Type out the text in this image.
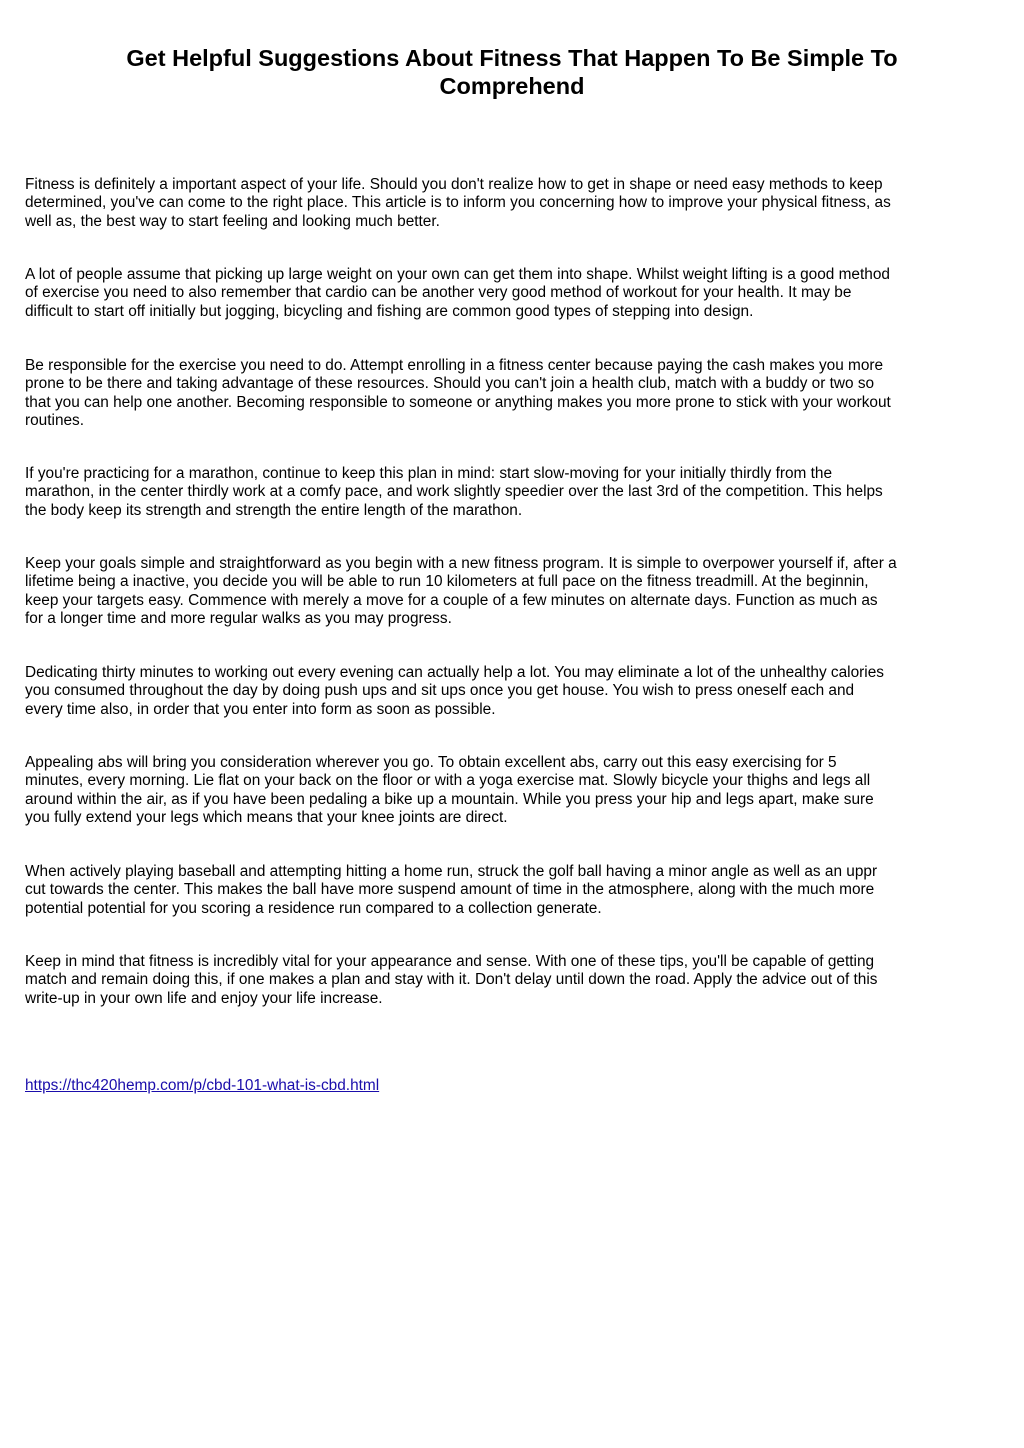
Get Helpful Suggestions About Fitness That Happen To Be Simple To
Comprehend

Fitness is definitely a important aspect of your life. Should you don't realize how to get in shape or need easy methods to keep
determined, you've can come to the right place. This article is to inform you concerning how to improve your physical fitness, as
well as, the best way to start feeling and looking much better.

A lot of people assume that picking up large weight on your own can get them into shape. Whilst weight lifting is a good method
of exercise you need to also remember that cardio can be another very good method of workout for your health. It may be
difficult to start off initially but jogging, bicycling and fishing are common good types of stepping into design.

Be responsible for the exercise you need to do. Attempt enrolling in a fitness center because paying the cash makes you more
prone to be there and taking advantage of these resources. Should you can't join a health club, match with a buddy or two so
that you can help one another. Becoming responsible to someone or anything makes you more prone to stick with your workout
routines.

If you're practicing for a marathon, continue to keep this plan in mind: start slow-moving for your initially thirdly from the
marathon, in the center thirdly work at a comfy pace, and work slightly speedier over the last 3rd of the competition. This helps
the body keep its strength and strength the entire length of the marathon.

Keep your goals simple and straightforward as you begin with a new fitness program. It is simple to overpower yourself if, after a
lifetime being a inactive, you decide you will be able to run 10 kilometers at full pace on the fitness treadmill. At the beginnin,
keep your targets easy. Commence with merely a move for a couple of a few minutes on alternate days. Function as much as
for a longer time and more regular walks as you may progress.

Dedicating thirty minutes to working out every evening can actually help a lot. You may eliminate a lot of the unhealthy calories
you consumed throughout the day by doing push ups and sit ups once you get house. You wish to press oneself each and
every time also, in order that you enter into form as soon as possible.

Appealing abs will bring you consideration wherever you go. To obtain excellent abs, carry out this easy exercising for 5
minutes, every morning. Lie flat on your back on the floor or with a yoga exercise mat. Slowly bicycle your thighs and legs all
around within the air, as if you have been pedaling a bike up a mountain. While you press your hip and legs apart, make sure
you fully extend your legs which means that your knee joints are direct.

When actively playing baseball and attempting hitting a home run, struck the golf ball having a minor angle as well as an uppr
cut towards the center. This makes the ball have more suspend amount of time in the atmosphere, along with the much more
potential potential for you scoring a residence run compared to a collection generate.

Keep in mind that fitness is incredibly vital for your appearance and sense. With one of these tips, you'll be capable of getting
match and remain doing this, if one makes a plan and stay with it. Don't delay until down the road. Apply the advice out of this
write-up in your own life and enjoy your life increase.

https://thc420hemp.com/p/cbd-101-what-is-cbd.html
